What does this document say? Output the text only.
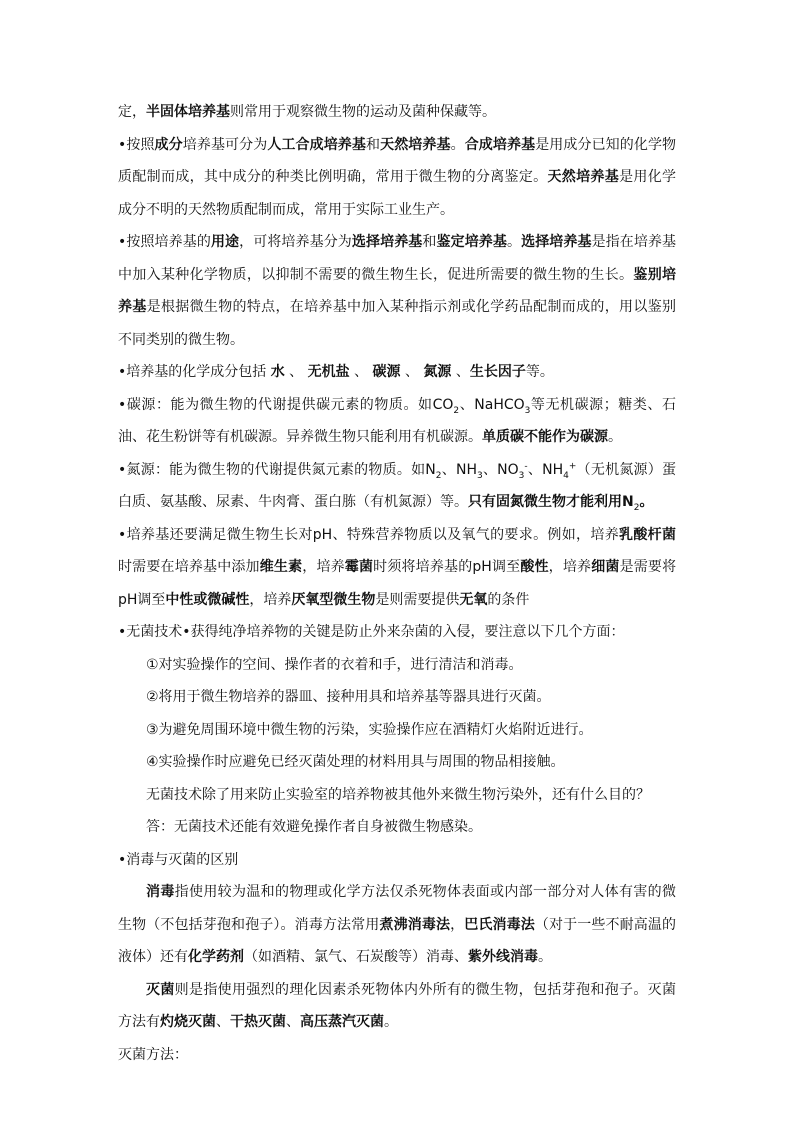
定，半固体培养基则常用于观察微生物的运动及菌种保藏等。

•按照成分培养基可分为人工合成培养基和天然培养基。合成培养基是用成分已知的化学物质配制而成，其中成分的种类比例明确，常用于微生物的分离鉴定。天然培养基是用化学成分不明的天然物质配制而成，常用于实际工业生产。

•按照培养基的用途，可将培养基分为选择培养基和鉴定培养基。选择培养基是指在培养基中加入某种化学物质，以抑制不需要的微生物生长，促进所需要的微生物的生长。鉴别培养基是根据微生物的特点，在培养基中加入某种指示剂或化学药品配制而成的，用以鉴别不同类别的微生物。

•培养基的化学成分包括 水 、 无机盐 、 碳源 、 氮源 、生长因子等。

•碳源：能为微生物的代谢提供碳元素的物质。如$CO_2$、NaHCO$_3$等无机碳源；糖类、石油、花生粉饼等有机碳源。异养微生物只能利用有机碳源。单质碳不能作为碳源。

•氮源：能为微生物的代谢提供氮元素的物质。如$N_2$、$NH_3$、$NO_3^-$、$NH_4^+$（无机氮源）蛋白质、氨基酸、尿素、牛肉膏、蛋白胨（有机氮源）等。只有固氮微生物才能利用$N_2$。

•培养基还要满足微生物生长对pH、特殊营养物质以及氧气的要求。例如，培养乳酸杆菌时需要在培养基中添加维生素，培养霉菌时须将培养基的pH调至酸性，培养细菌是需要将pH调至中性或微碱性，培养厌氧型微生物是则需要提供无氧的条件

•无菌技术•获得纯净培养物的关键是防止外来杂菌的入侵，要注意以下几个方面：

①对实验操作的空间、操作者的衣着和手，进行清洁和消毒。

②将用于微生物培养的器皿、接种用具和培养基等器具进行灭菌。

③为避免周围环境中微生物的污染，实验操作应在酒精灯火焰附近进行。

④实验操作时应避免已经灭菌处理的材料用具与周围的物品相接触。

无菌技术除了用来防止实验室的培养物被其他外来微生物污染外，还有什么目的？

答：无菌技术还能有效避免操作者自身被微生物感染。

•消毒与灭菌的区别

消毒指使用较为温和的物理或化学方法仅杀死物体表面或内部一部分对人体有害的微生物（不包括芽孢和孢子）。消毒方法常用煮沸消毒法，巴氏消毒法（对于一些不耐高温的液体）还有化学药剂（如酒精、氯气、石炭酸等）消毒、紫外线消毒。

灭菌则是指使用强烈的理化因素杀死物体内外所有的微生物，包括芽孢和孢子。灭菌方法有灼烧灭菌、干热灭菌、高压蒸汽灭菌。

灭菌方法：
